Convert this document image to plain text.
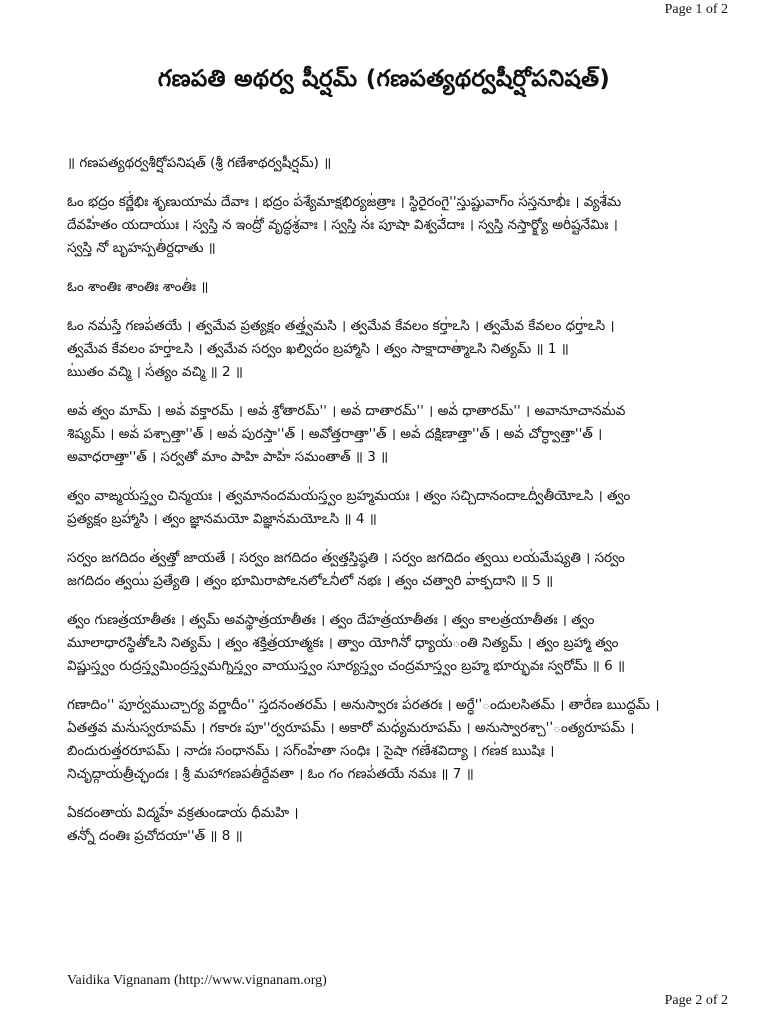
Page 1 of 2
గణపతి అథర్వ షీర్షమ్ (గణపత్యథర్వషీర్షోపనిషత్)
॥ గణపత్యథర్వశీర్షోపనిషత్ (శ్రీ గణేశాథర్వషీర్షమ్) ॥
ఓం భద్రం కర్ణే॑భిః శృణుయామ॑ దేవాః । భద్రం ప॑శ్యేమాక్షభిర్యజ॑త్రాః । స్థిరైరంగై''స్తుష్టువాగ్‍ం స॑స్తనూభిః॑ । వ్యశే॑మ
దేవహి॑తం॒ యదాయుః॑ । స్వస్తి న॒ ఇంద్రో॑ వృద్ధశ్ర॑వాః । స్వస్తి నః॑ పూషా విశ్వవే॑దాః । స్వస్తి న॒స్తార్క్ష్యో॒ అరి॑ష్టనేమిః ।
స్వస్తి నో॒ బృహస్పతి॑ర్దధాతు ॥
ఓం శాంతిః॒ శాంతిః॒ శాంతిః॑ ॥
ఓం నమ॑స్తే గణప॑తయే । త్వమేవ ప్రత్యక్షం॒ తత్త్వ॑మసి । త్వమేవ కేవలం కర్తా॑ఽసి । త్వమేవ కేవలం ధర్తా॑ఽసి ।
త్వమేవ కేవలం హర్తా॑ఽసి । త్వమేవ సర్వం ఖల్విదం॑ బ్రహ్మాసి । త్వం సాక్షాదాత్మా॑ఽసి నిత్యమ్ ॥ 1 ॥
ఋ॑తం వ॒చ్మి । స॑త్యం వ॒చ్మి ॥ 2 ॥
అవ॑ త్వం మామ్ । అవ॑ వక్తారమ్ । అవ॑ శ్రోతారమ్'' । అవ॑ దాతారమ్'' । అవ॑ ధాతారమ్'' । అవానూచానమ॑వ
శిష్యమ్ । అవ॑ పశ్చాత్తా''త్ । అవ॑ పురస్తా''త్ । అవోత్త॒రాత్తా''త్ । అవ॑ దక్షి॒ణాత్తా''త్ । అవ॑ చోర్ధ్వాత్తా''త్ ।
అవాధ॒రాత్తా''త్ । సర్వతో మాం పాహి పాహి॑ సమంతాత్ ॥ 3 ॥
త్వం వాఙ్మయ॑స్త్వం చిన్మయః । త్వమానందమయ॑స్త్వం బ్రహ్మమయః । త్వం సచ్చిదానందాఽద్వి॑తీయో॒ఽసి । త్వం
ప్రత్యక్షం బ్రహ్మా॑సి । త్వం జ్ఞానమయో విజ్ఞాన॑మయో॒ఽసి ॥ 4 ॥
సర్వం జగదిదం త్వ॑త్తో జాయతే । సర్వం జగదిదం త్వ॑త్తస్తిష్ఠతి । సర్వం జగదిదం త్వయి లయ॑మేష్యతి । సర్వం
జగదిదం త్వయి॑ ప్రత్యేతి । త్వం భూమిరాపోఽనలోఽని॑లో నభః । త్వం చత్వారి వా॑క్పదాని ॥ 5 ॥
త్వం గు॒ణత్ర॑యాతీతః । త్వమ్ అవస్థాత్ర॑యాతీతః । త్వం దేహత్ర॑యాతీతః । త్వం కాలత్ర॑యాతీతః । త్వం
మూలాధారస్థితో॑ఽసి నిత్యమ్ । త్వం శక్తిత్ర॑యాత్మకః । త్వాం యోగినో॑ ధ్యాయ॑ంతి నిత్యమ్ । త్వం బ్రహ్మా త్వం
విష్ణుస్త్వం రుద్రస్త్వమింద్రస్త్వమగ్నిస్త్వం వాయుస్త్వం సూర్యస్త్వం చంద్రమాస్త్వం బ్రహ్మ॒ భూర్భువః॒ స్వరోమ్ ॥ 6 ॥
గణాదిం'' పూర్వ॑ముచ్చార్య వర్ణాదీం'' స్తదనంతరమ్ । అనుస్వారః ప॑రతరః । అర్ధే''ందులసితమ్ । తారే॑ణ ఋద్ధమ్ ।
ఏతత్తవ మను॑స్వరూపమ్ । గకారః పూ''ర్వరూపమ్ । అకారో మధ్య॑మరూపమ్ । అనుస్వారశ్చా''ంత్యరూపమ్ ।
బిందురుత్త॑రరూపమ్ । నాదః॑ సంధానమ్ । సగ్‍ంహి॑తా సంధిః । సైషా గణే॑శవిద్యా । గణ॑క ఋషిః ।
నిచృద్గాయ॑త్రీచ్ఛందః । శ్రీ మహాగణపతి॑ర్దేవతా । ఓం గం గణప॑తయే నమః ॥ 7 ॥
ఏకదంతాయ॑ విద్మహే॑ వక్రతుండాయ॑ ధీమహి ।
తన్నో॑ దంతిః ప్రచోదయా''త్ ॥ 8 ॥
Vaidika Vignanam (http://www.vignanam.org)
Page 2 of 2
